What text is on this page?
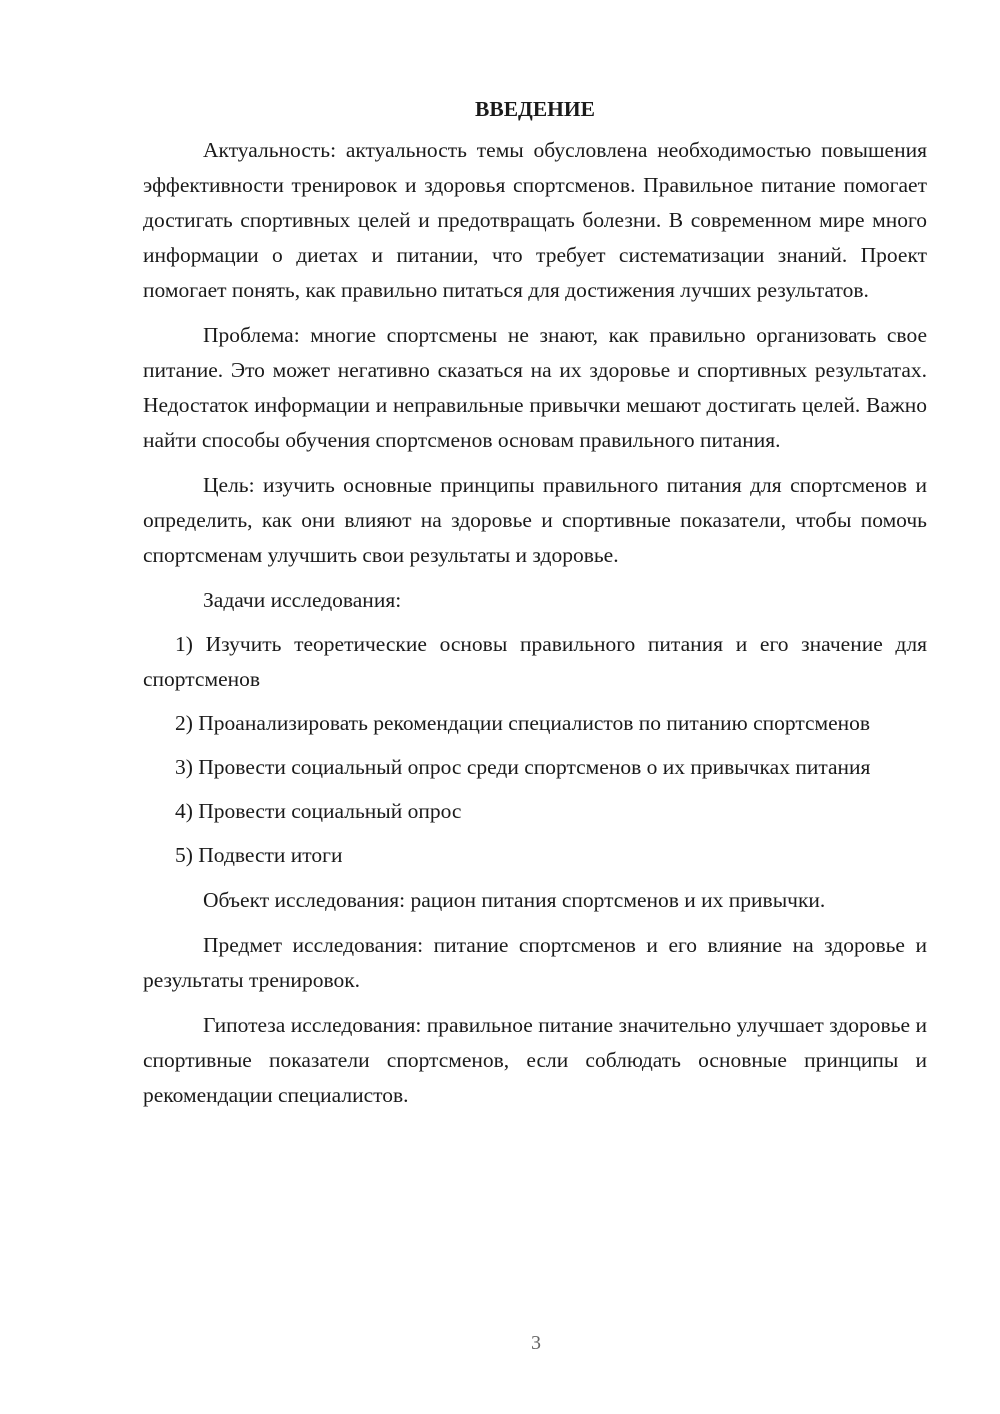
ВВЕДЕНИЕ

Актуальность: актуальность темы обусловлена необходимостью повышения эффективности тренировок и здоровья спортсменов. Правильное питание помогает достигать спортивных целей и предотвращать болезни. В современном мире много информации о диетах и питании, что требует систематизации знаний. Проект помогает понять, как правильно питаться для достижения лучших результатов.

Проблема: многие спортсмены не знают, как правильно организовать свое питание. Это может негативно сказаться на их здоровье и спортивных результатах. Недостаток информации и неправильные привычки мешают достигать целей. Важно найти способы обучения спортсменов основам правильного питания.

Цель: изучить основные принципы правильного питания для спортсменов и определить, как они влияют на здоровье и спортивные показатели, чтобы помочь спортсменам улучшить свои результаты и здоровье.

Задачи исследования:

1) Изучить теоретические основы правильного питания и его значение для спортсменов

2) Проанализировать рекомендации специалистов по питанию спортсменов

3) Провести социальный опрос среди спортсменов о их привычках питания

4) Провести социальный опрос

5) Подвести итоги

Объект исследования: рацион питания спортсменов и их привычки.

Предмет исследования: питание спортсменов и его влияние на здоровье и результаты тренировок.

Гипотеза исследования: правильное питание значительно улучшает здоровье и спортивные показатели спортсменов, если соблюдать основные принципы и рекомендации специалистов.

3
